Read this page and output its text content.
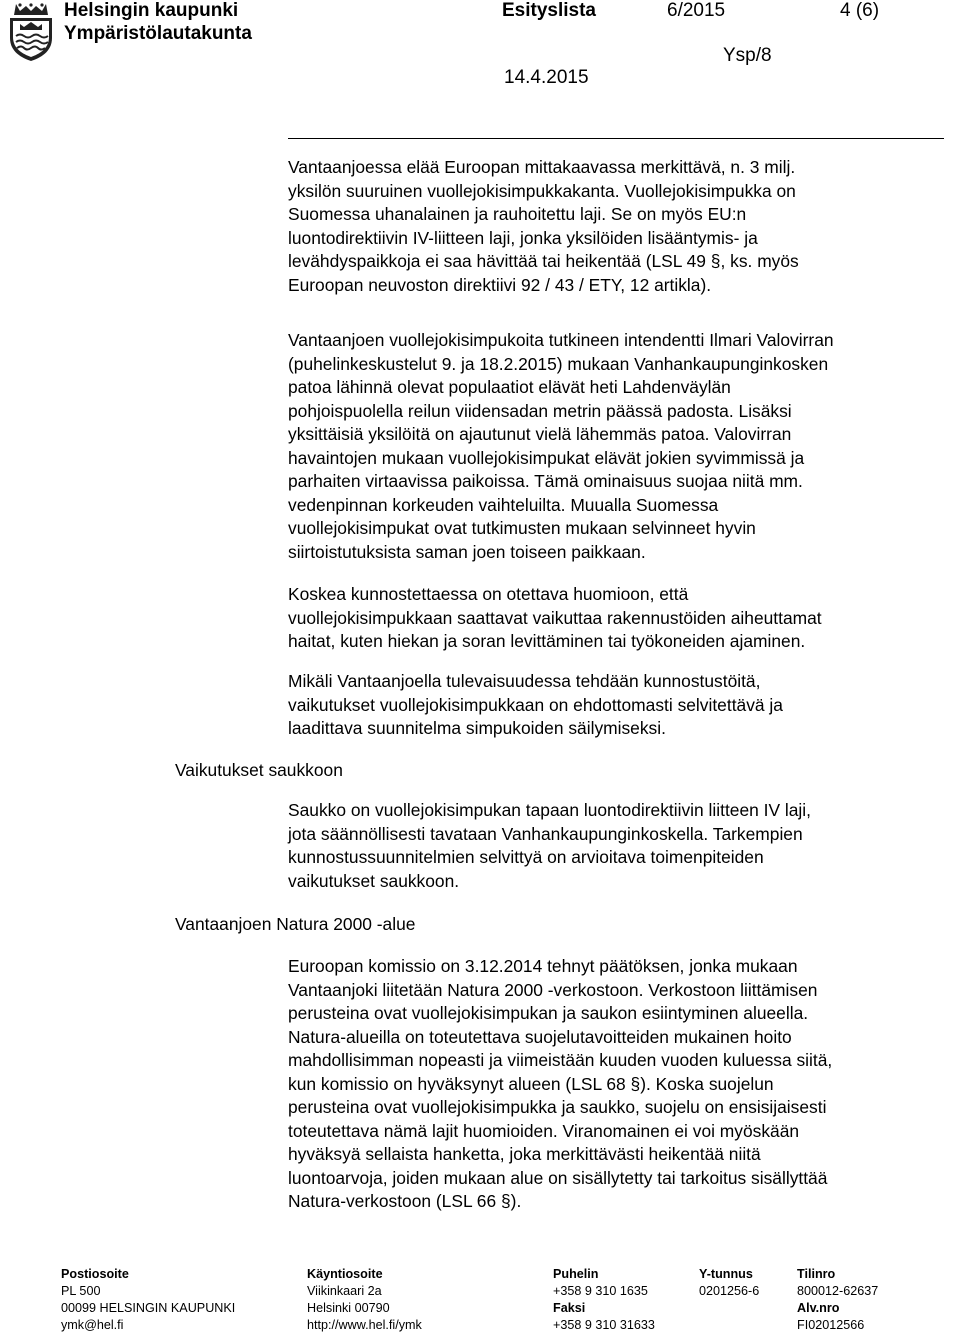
Helsingin kaupunki
Ympäristölautakunta
Esityslista	6/2015	4 (6)
Ysp/8
14.4.2015
Vantaanjoessa elää Euroopan mittakaavassa merkittävä, n. 3 milj.
yksilön suuruinen vuollejokisimpukkakanta. Vuollejokisimpukka on
Suomessa uhanalainen ja rauhoitettu laji. Se on myös EU:n
luontodirektiivin IV-liitteen laji, jonka yksilöiden lisääntymis- ja
levähdyspaikkoja ei saa hävittää tai heikentää (LSL 49 §, ks. myös
Euroopan neuvoston direktiivi 92 / 43 / ETY, 12 artikla).
Vantaanjoen vuollejokisimpukoita tutkineen intendentti Ilmari Valovirran
(puhelinkeskustelut 9. ja 18.2.2015) mukaan Vanhankaupunginkosken
patoa lähinnä olevat populaatiot elävät heti Lahdenväylän
pohjoispuolella reilun viidensadan metrin päässä padosta. Lisäksi
yksittäisiä yksilöitä on ajautunut vielä lähemmäs patoa. Valovirran
havaintojen mukaan vuollejokisimpukat elävät jokien syvimmissä ja
parhaiten virtaavissa paikoissa. Tämä ominaisuus suojaa niitä mm.
vedenpinnan korkeuden vaihteluilta. Muualla Suomessa
vuollejokisimpukat ovat tutkimusten mukaan selvinneet hyvin
siirtoistutuksista saman joen toiseen paikkaan.
Koskea kunnostettaessa on otettava huomioon, että
vuollejokisimpukkaan saattavat vaikuttaa rakennustöiden aiheuttamat
haitat, kuten hiekan ja soran levittäminen tai työkoneiden ajaminen.
Mikäli Vantaanjoella tulevaisuudessa tehdään kunnostustöitä,
vaikutukset vuollejokisimpukkaan on ehdottomasti selvitettävä ja
laadittava suunnitelma simpukoiden säilymiseksi.
Vaikutukset saukkoon
Saukko on vuollejokisimpukan tapaan luontodirektiivin liitteen IV laji,
jota säännöllisesti tavataan Vanhankaupunginkoskella. Tarkempien
kunnostussuunnitelmien selvittyä on arvioitava toimenpiteiden
vaikutukset saukkoon.
Vantaanjoen Natura 2000 -alue
Euroopan komissio on 3.12.2014 tehnyt päätöksen, jonka mukaan
Vantaanjoki liitetään Natura 2000 -verkostoon. Verkostoon liittämisen
perusteina ovat vuollejokisimpukan ja saukon esiintyminen alueella.
Natura-alueilla on toteutettava suojelutavoitteiden mukainen hoito
mahdollisimman nopeasti ja viimeistään kuuden vuoden kuluessa siitä,
kun komissio on hyväksynyt alueen (LSL 68 §). Koska suojelun
perusteina ovat vuollejokisimpukka ja saukko, suojelu on ensisijaisesti
toteutettava nämä lajit huomioiden. Viranomainen ei voi myöskään
hyväksyä sellaista hanketta, joka merkittävästi heikentää niitä
luontoarvoja, joiden mukaan alue on sisällytetty tai tarkoitus sisällyttää
Natura-verkostoon (LSL 66 §).
Postiosoite
PL 500
00099 HELSINGIN KAUPUNKI
ymk@hel.fi
Käyntiosoite
Viikinkaari 2a
Helsinki 00790
http://www.hel.fi/ymk
Puhelin
+358 9 310 1635
Faksi
+358 9 310 31633
Y-tunnus
0201256-6
Tilinro
800012-62637
Alv.nro
FI02012566
